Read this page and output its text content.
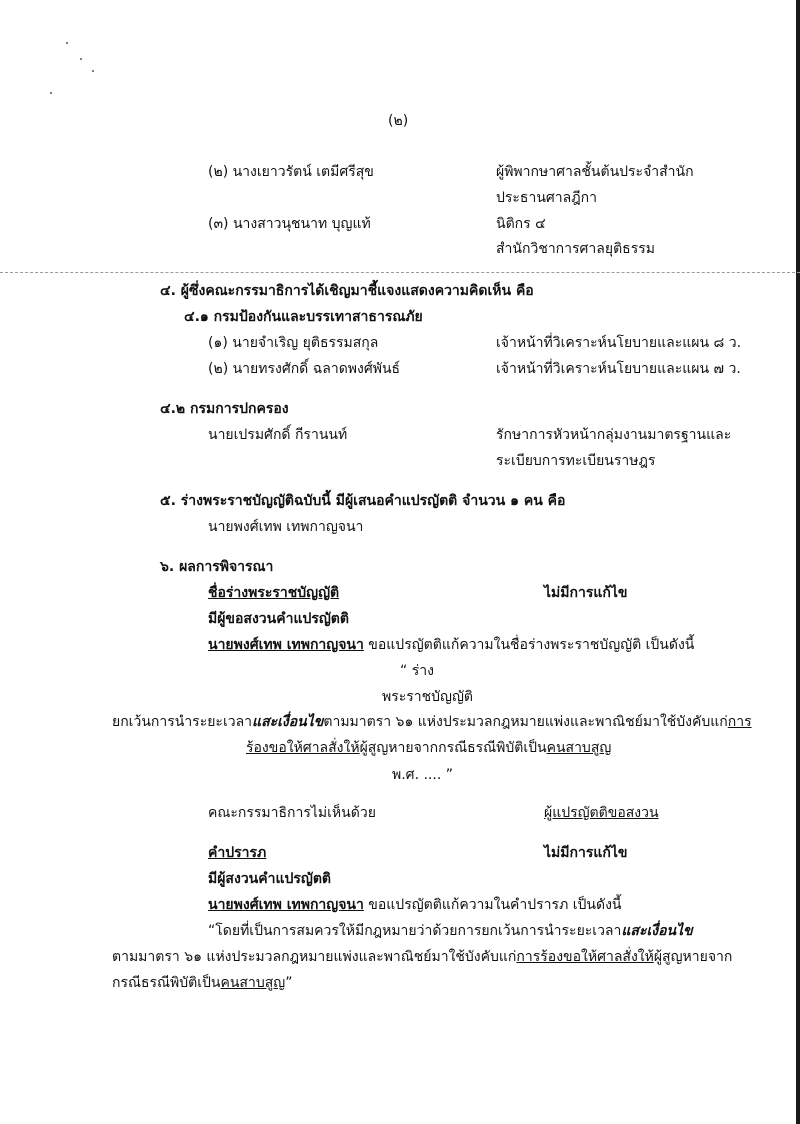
(๒)
(๒) นางเยาวรัตน์ เตมีศรีสุข	ผู้พิพากษาศาลชั้นต้นประจำสำนัก
ประธานศาลฎีกา
(๓) นางสาวนุชนาท บุญแท้	นิติกร ๔
สำนักวิชาการศาลยุติธรรม
๔. ผู้ซึ่งคณะกรรมาธิการได้เชิญมาชี้แจงแสดงความคิดเห็น คือ
๔.๑ กรมป้องกันและบรรเทาสาธารณภัย
(๑) นายจำเริญ ยุติธรรมสกุล	เจ้าหน้าที่วิเคราะห์นโยบายและแผน ๘ ว.
(๒) นายทรงศักดิ์ ฉลาดพงศ์พันธ์	เจ้าหน้าที่วิเคราะห์นโยบายและแผน ๗ ว.
๔.๒ กรมการปกครอง
นายเปรมศักดิ์ กีรานนท์	รักษาการหัวหน้ากลุ่มงานมาตรฐานและ
ระเบียบการทะเบียนราษฎร
๕. ร่างพระราชบัญญัติฉบับนี้ มีผู้เสนอคำแปรญัตติ จำนวน ๑ คน คือ
นายพงศ์เทพ เทพกาญจนา
๖. ผลการพิจารณา
ชื่อร่างพระราชบัญญัติ	ไม่มีการแก้ไข
มีผู้ขอสงวนคำแปรญัตติ
นายพงศ์เทพ เทพกาญจนา ขอแปรญัตติแก้ความในชื่อร่างพระราชบัญญัติ เป็นดังนี้
“ ร่าง
พระราชบัญญัติ
ยกเว้นการนำระยะเวลาแสะเงื่อนไขตามมาตรา ๖๑ แห่งประมวลกฎหมายแพ่งและพาณิชย์มาใช้บังคับแก่การ
ร้องขอให้ศาลสั่งให้ผู้สูญหายจากกรณีธรณีพิบัติเป็นคนสาบสูญ
พ.ศ. .... ”
คณะกรรมาธิการไม่เห็นด้วย	ผู้แปรญัตติขอสงวน
คำปรารภ	ไม่มีการแก้ไข
มีผู้สงวนคำแปรญัตติ
นายพงศ์เทพ เทพกาญจนา ขอแปรญัตติแก้ความในคำปรารภ เป็นดังนี้
“โดยที่เป็นการสมควรให้มีกฎหมายว่าด้วยการยกเว้นการนำระยะเวลาแสะเงื่อนไข
ตามมาตรา ๖๑ แห่งประมวลกฎหมายแพ่งและพาณิชย์มาใช้บังคับแก่การร้องขอให้ศาลสั่งให้ผู้สูญหายจาก
กรณีธรณีพิบัติเป็นคนสาบสูญ”
